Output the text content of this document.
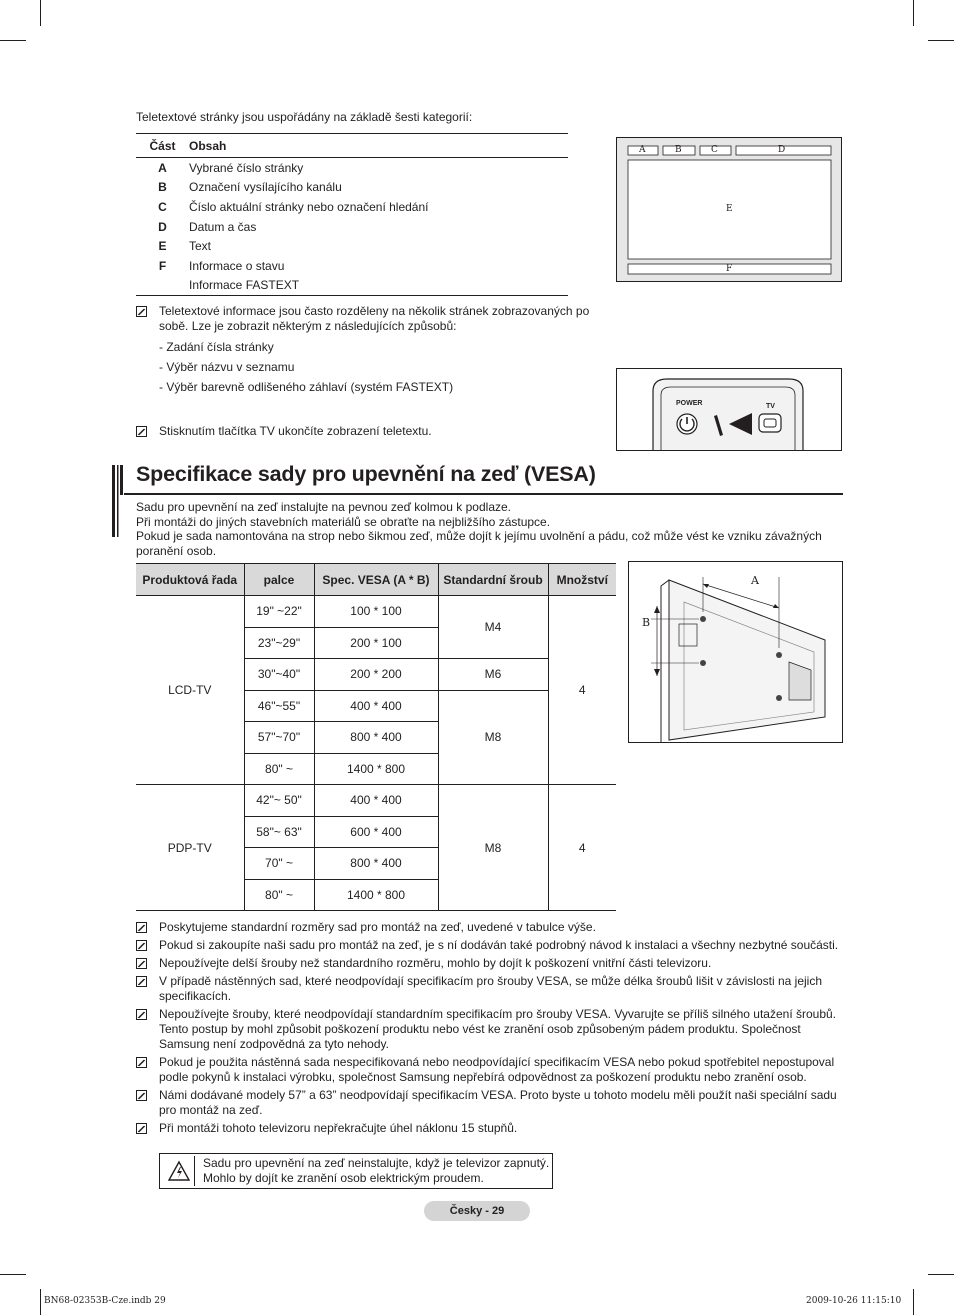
Teletextové stránky jsou uspořádány na základě šesti kategorií:
Část	Obsah
A	Vybrané číslo stránky
B	Označení vysílajícího kanálu
C	Číslo aktuální stránky nebo označení hledání
D	Datum a čas
E	Text
F	Informace o stavu
Informace FASTEXT
Teletextové informace jsou často rozděleny na několik stránek zobrazovaných po sobě. Lze je zobrazit některým z následujících způsobů:
- Zadání čísla stránky
- Výběr názvu v seznamu
- Výběr barevně odlišeného záhlaví (systém FASTEXT)
Stisknutím tlačítka TV ukončíte zobrazení teletextu.
A	B	C	D
E
F
POWER	TV
Specifikace sady pro upevnění na zeď (VESA)
Sadu pro upevnění na zeď instalujte na pevnou zeď kolmou k podlaze.
Při montáži do jiných stavebních materiálů se obraťte na nejbližšího zástupce.
Pokud je sada namontována na strop nebo šikmou zeď, může dojít k jejímu uvolnění a pádu, což může vést ke vzniku závažných poranění osob.
Produktová řada	palce	Spec. VESA (A * B)	Standardní šroub	Množství
LCD-TV	19" ~22"	100 * 100	M4	4
	23"~29"	200 * 100		
	30"~40"	200 * 200	M6	
	46"~55"	400 * 400	M8	
	57"~70"	800 * 400		
	80" ~	1400 * 800		
PDP-TV	42"~ 50"	400 * 400	M8	4
	58"~ 63"	600 * 400		
	70" ~	800 * 400		
	80" ~	1400 * 800		
A
B
Poskytujeme standardní rozměry sad pro montáž na zeď, uvedené v tabulce výše.
Pokud si zakoupíte naši sadu pro montáž na zeď, je s ní dodáván také podrobný návod k instalaci a všechny nezbytné součásti.
Nepoužívejte delší šrouby než standardního rozměru, mohlo by dojít k poškození vnitřní části televizoru.
V případě nástěnných sad, které neodpovídají specifikacím pro šrouby VESA, se může délka šroubů lišit v závislosti na jejich specifikacích.
Nepoužívejte šrouby, které neodpovídají standardním specifikacím pro šrouby VESA. Vyvarujte se příliš silného utažení šroubů. Tento postup by mohl způsobit poškození produktu nebo vést ke zranění osob způsobeným pádem produktu. Společnost Samsung není zodpovědná za tyto nehody.
Pokud je použita nástěnná sada nespecifikovaná nebo neodpovídající specifikacím VESA nebo pokud spotřebitel nepostupoval podle pokynů k instalaci výrobku, společnost Samsung nepřebírá odpovědnost za poškození produktu nebo zranění osob.
Námi dodávané modely 57” a 63” neodpovídají specifikacím VESA. Proto byste u tohoto modelu měli použít naši speciální sadu pro montáž na zeď.
Při montáži tohoto televizoru nepřekračujte úhel náklonu 15 stupňů.
Sadu pro upevnění na zeď neinstalujte, když je televizor zapnutý.
Mohlo by dojít ke zranění osob elektrickým proudem.
Česky - 29
BN68-02353B-Cze.indb 29	2009-10-26 11:15:10
